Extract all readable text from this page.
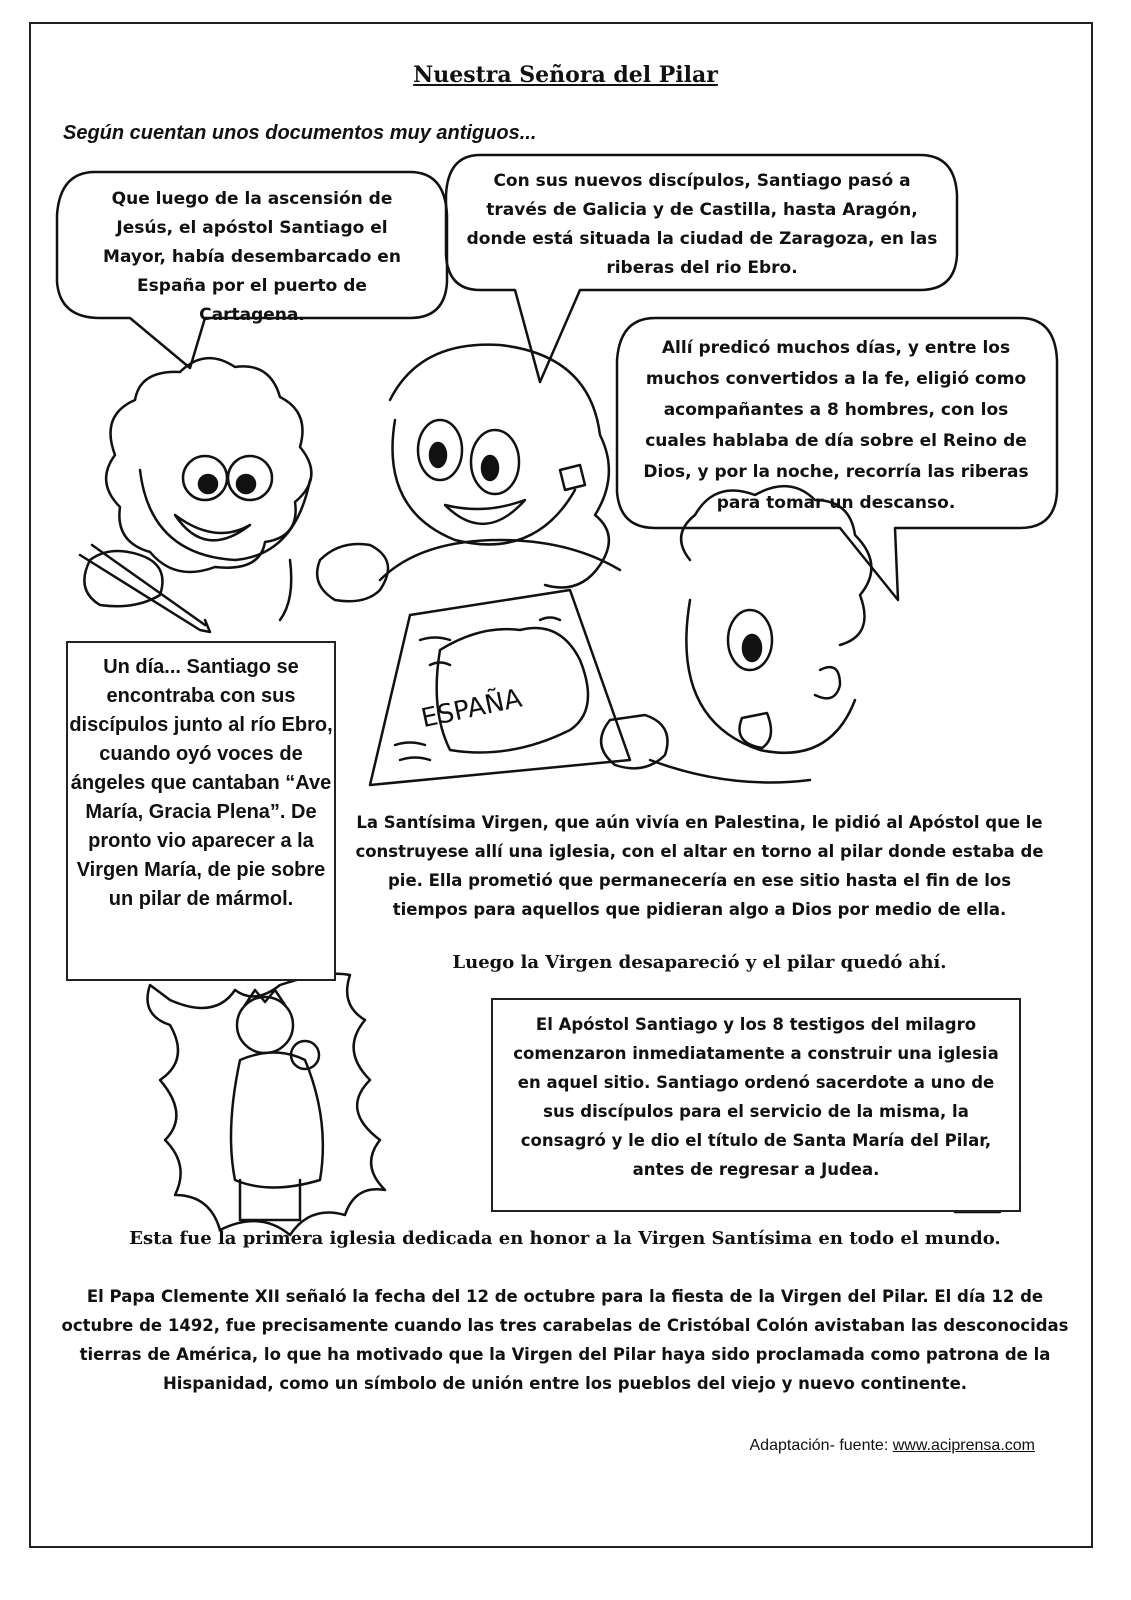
ESPAÑA
Nuestra Señora del Pilar
Según cuentan unos documentos muy antiguos...
Que luego de la ascensión de Jesús, el apóstol Santiago el Mayor, había desembarcado en España por el puerto de Cartagena.
Con sus nuevos discípulos, Santiago pasó a través de Galicia y de Castilla, hasta Aragón, donde está situada la ciudad de Zaragoza, en las riberas del rio Ebro.
Allí predicó muchos días, y entre los muchos convertidos a la fe, eligió como acompañantes a 8 hombres, con los cuales hablaba de día sobre el Reino de Dios, y por la noche, recorría las riberas para tomar un descanso.
Un día... Santiago se encontraba con sus discípulos junto al río Ebro, cuando oyó voces de ángeles que cantaban “Ave María, Gracia Plena”. De pronto vio aparecer a la Virgen María, de pie sobre un pilar de mármol.
La Santísima Virgen, que aún vivía en Palestina, le pidió al Apóstol que le construyese allí una iglesia, con el altar en torno al pilar donde estaba de pie. Ella prometió que permanecería en ese sitio hasta el fin de los tiempos para aquellos que pidieran algo a Dios por medio de ella.
Luego la Virgen desapareció y el pilar quedó ahí.
El Apóstol Santiago y los 8 testigos del milagro comenzaron inmediatamente a construir una iglesia en aquel sitio. Santiago ordenó sacerdote a uno de sus discípulos para el servicio de la misma, la consagró y le dio el título de Santa María del Pilar, antes de regresar a Judea.
Esta fue la primera iglesia dedicada en honor a la Virgen Santísima en todo el mundo.
El Papa Clemente XII señaló la fecha del 12 de octubre para la fiesta de la Virgen del Pilar. El día 12 de octubre de 1492, fue precisamente cuando las tres carabelas de Cristóbal Colón avistaban las desconocidas tierras de América, lo que ha motivado que la Virgen del Pilar haya sido proclamada como patrona de la Hispanidad, como un símbolo de unión entre los pueblos del viejo y nuevo continente.
Adaptación- fuente: www.aciprensa.com
